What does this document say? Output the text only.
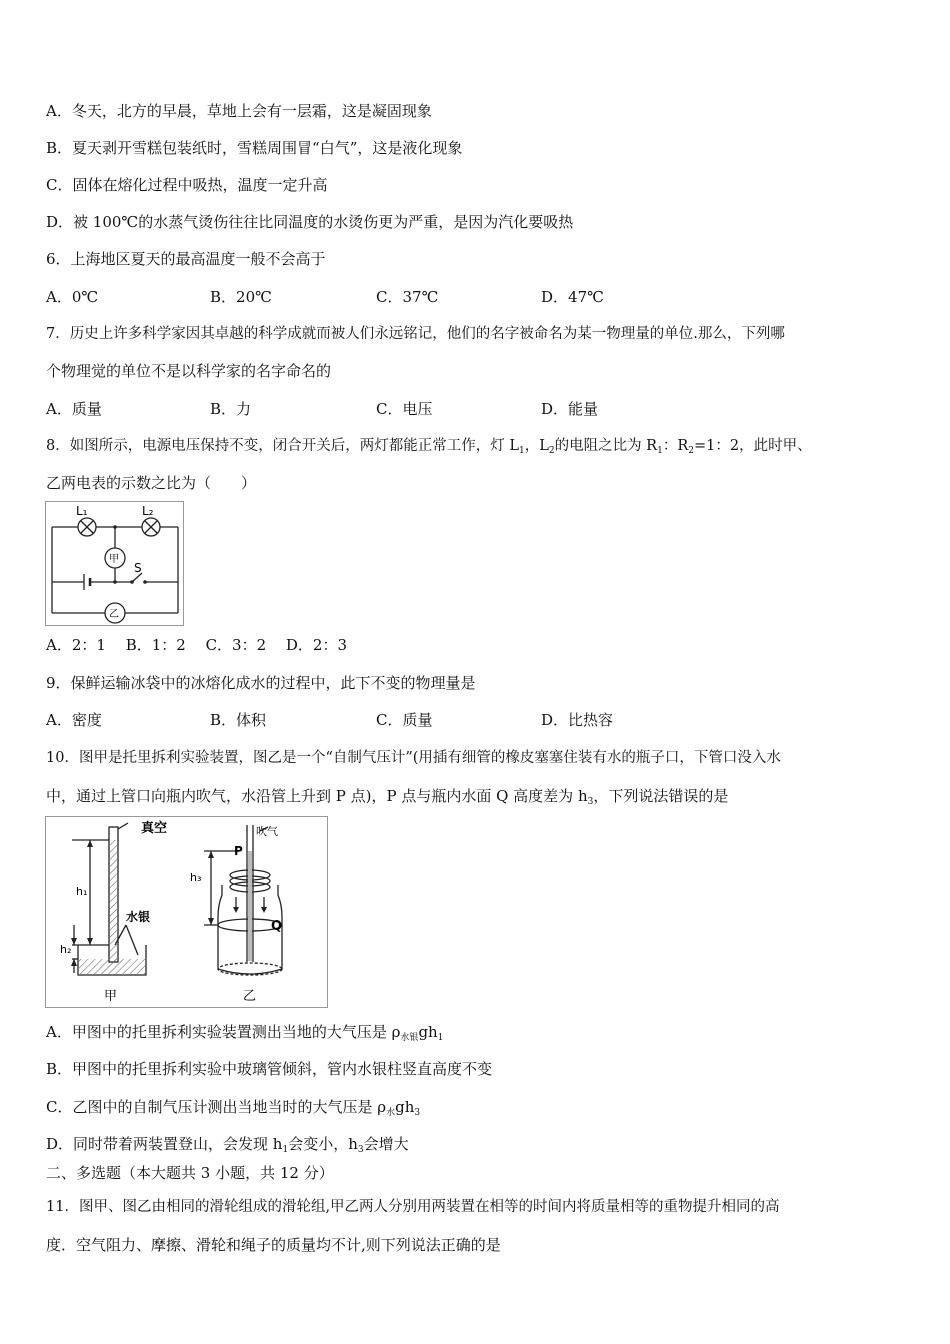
A．冬天，北方的早晨，草地上会有一层霜，这是凝固现象
B．夏天剥开雪糕包装纸时，雪糕周围冒“白气”，这是液化现象
C．固体在熔化过程中吸热，温度一定升高
D．被 100℃的水蒸气烫伤往往比同温度的水烫伤更为严重，是因为汽化要吸热
6．上海地区夏天的最高温度一般不会高于
A．0℃	B．20℃	C．37℃	D．47℃
7．历史上许多科学家因其卓越的科学成就而被人们永远铭记，他们的名字被命名为某一物理量的单位.那么，下列哪
个物理觉的单位不是以科学家的名字命名的
A．质量	B．力	C．电压	D．能量
8．如图所示，电源电压保持不变，闭合开关后，两灯都能正常工作，灯 $L_1$，$L_2$的电阻之比为 $R_1$：$R_2=1$：2，此时甲、
乙两电表的示数之比为（　　）
L₁	L₂
甲
S
乙
A．2：1　 B．1：2　 C．3：2　 D．2：3
9．保鲜运输冰袋中的冰熔化成水的过程中，此下不变的物理量是
A．密度	B．体积	C．质量	D．比热容
10．图甲是托里拆利实验装置，图乙是一个“自制气压计”(用插有细管的橡皮塞塞住装有水的瓶子口，下管口没入水
中，通过上管口向瓶内吹气，水沿管上升到 P 点)，P 点与瓶内水面 Q 高度差为 $h_3$，下列说法错误的是
真空
h₁
h₂
水银
甲
吹气
P
h₃
Q
乙
A．甲图中的托里拆利实验装置测出当地的大气压是 $\rho_{水银}gh_1$
B．甲图中的托里拆利实验中玻璃管倾斜，管内水银柱竖直高度不变
C．乙图中的自制气压计测出当地当时的大气压是 $\rho_水gh_3$
D．同时带着两装置登山，会发现 $h_1$会变小，$h_3$会增大
二、多选题（本大题共 3 小题，共 12 分）
11．图甲、图乙由相同的滑轮组成的滑轮组,甲乙两人分别用两装置在相等的时间内将质量相等的重物提升相同的高
度．空气阻力、摩擦、滑轮和绳子的质量均不计,则下列说法正确的是
